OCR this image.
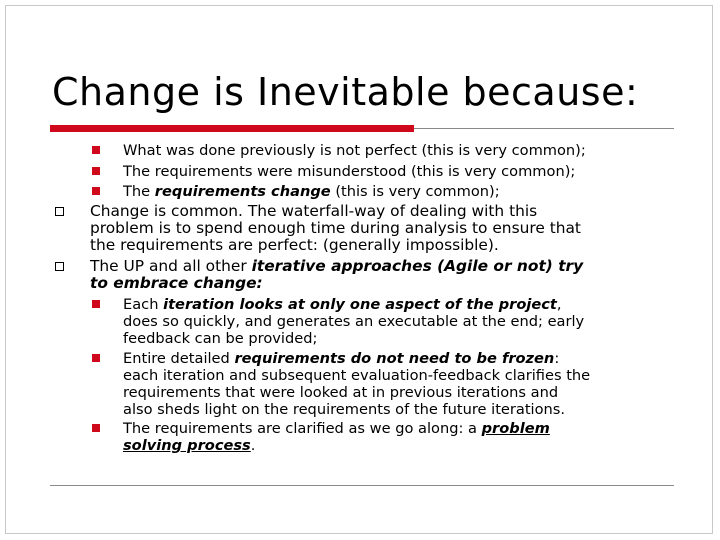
Change is Inevitable because:
What was done previously is not perfect (this is very common);
The requirements were misunderstood (this is very common);
The requirements change (this is very common);
Change is common. The waterfall-way of dealing with this
problem is to spend enough time during analysis to ensure that
the requirements are perfect: (generally impossible).
The UP and all other iterative approaches (Agile or not) try
to embrace change:
Each iteration looks at only one aspect of the project,
does so quickly, and generates an executable at the end; early
feedback can be provided;
Entire detailed requirements do not need to be frozen:
each iteration and subsequent evaluation-feedback clarifies the
requirements that were looked at in previous iterations and
also sheds light on the requirements of the future iterations.
The requirements are clarified as we go along: a problem
solving process.
